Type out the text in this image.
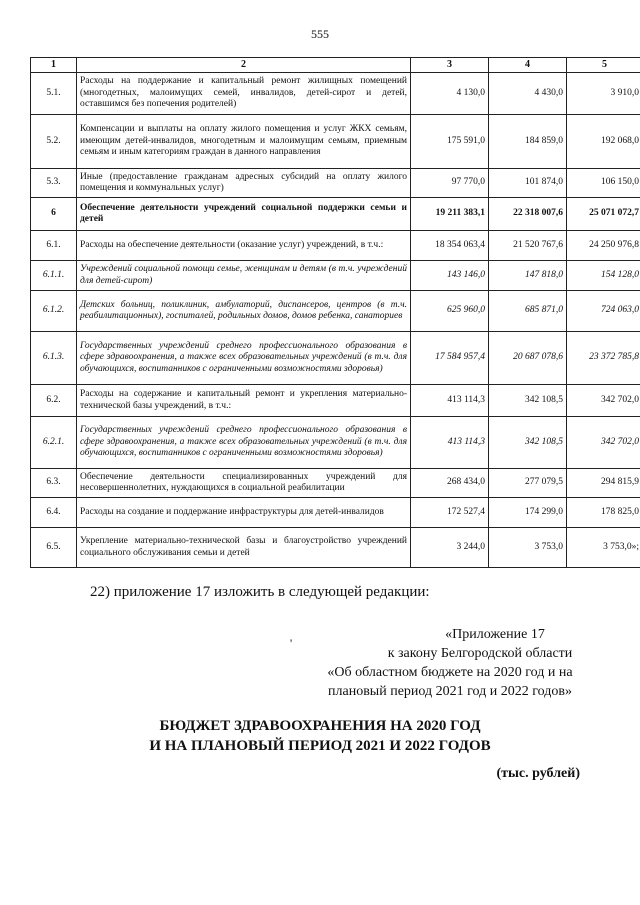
555
1	2	3	4	5
5.1.	Расходы на поддержание и капитальный ремонт жилищных помещений (многодетных, малоимущих семей, инвалидов, детей-сирот и детей, оставшимся без попечения родителей)	4 130,0	4 430,0	3 910,0
5.2.	Компенсации и выплаты на оплату жилого помещения и услуг ЖКХ семьям, имеющим детей-инвалидов, многодетным и малоимущим семьям, приемным семьям и иным категориям граждан в данного направления	175 591,0	184 859,0	192 068,0
5.3.	Иные (предоставление гражданам адресных субсидий на оплату жилого помещения и коммунальных услуг)	97 770,0	101 874,0	106 150,0
6	Обеспечение деятельности учреждений социальной поддержки семьи и детей	19 211 383,1	22 318 007,6	25 071 072,7
6.1.	Расходы на обеспечение деятельности (оказание услуг) учреждений, в т.ч.:	18 354 063,4	21 520 767,6	24 250 976,8
6.1.1.	Учреждений социальной помощи семье, женщинам и детям (в т.ч. учреждений для детей-сирот)	143 146,0	147 818,0	154 128,0
6.1.2.	Детских больниц, поликлиник, амбулаторий, диспансеров, центров (в т.ч. реабилитационных), госпиталей, родильных домов, домов ребенка, санаториев	625 960,0	685 871,0	724 063,0
6.1.3.	Государственных учреждений среднего профессионального образования в сфере здравоохранения, а также всех образовательных учреждений (в т.ч. для обучающихся, воспитанников с ограниченными возможностями здоровья)	17 584 957,4	20 687 078,6	23 372 785,8
6.2.	Расходы на содержание и капитальный ремонт и укрепления материально-технической базы учреждений, в т.ч.:	413 114,3	342 108,5	342 702,0
6.2.1.	Государственных учреждений среднего профессионального образования в сфере здравоохранения, а также всех образовательных учреждений (в т.ч. для обучающихся, воспитанников с ограниченными возможностями здоровья)	413 114,3	342 108,5	342 702,0
6.3.	Обеспечение деятельности специализированных учреждений для несовершеннолетних, нуждающихся в социальной реабилитации	268 434,0	277 079,5	294 815,9
6.4.	Расходы на создание и поддержание инфраструктуры для детей-инвалидов	172 527,4	174 299,0	178 825,0
6.5.	Укрепление материально-технической базы и благоустройство учреждений социального обслуживания семьи и детей	3 244,0	3 753,0	3 753,0»;
22) приложение 17 изложить в следующей редакции:
'
«Приложение 17
к закону Белгородской области
«Об областном бюджете на 2020 год и на
плановый период 2021 год и 2022 годов»
БЮДЖЕТ ЗДРАВООХРАНЕНИЯ НА 2020 ГОД
И НА ПЛАНОВЫЙ ПЕРИОД 2021 И 2022 ГОДОВ
(тыс. рублей)
